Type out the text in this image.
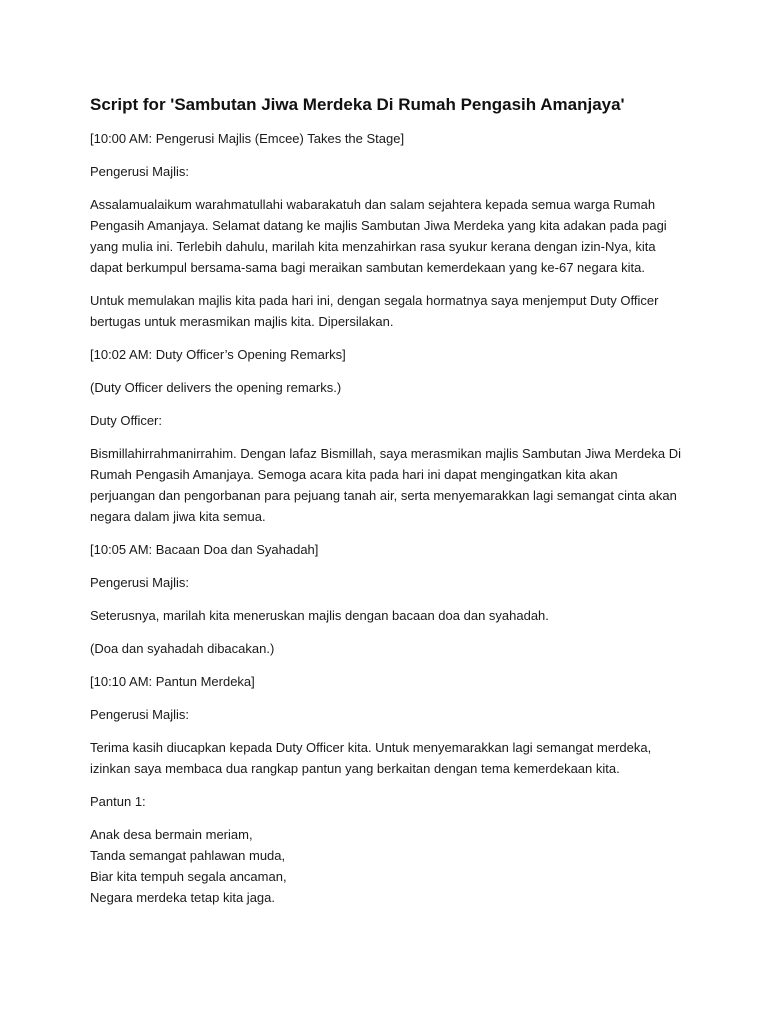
Script for 'Sambutan Jiwa Merdeka Di Rumah Pengasih Amanjaya'

[10:00 AM: Pengerusi Majlis (Emcee) Takes the Stage]

Pengerusi Majlis:

Assalamualaikum warahmatullahi wabarakatuh dan salam sejahtera kepada semua warga Rumah Pengasih Amanjaya. Selamat datang ke majlis Sambutan Jiwa Merdeka yang kita adakan pada pagi yang mulia ini. Terlebih dahulu, marilah kita menzahirkan rasa syukur kerana dengan izin-Nya, kita dapat berkumpul bersama-sama bagi meraikan sambutan kemerdekaan yang ke-67 negara kita.

Untuk memulakan majlis kita pada hari ini, dengan segala hormatnya saya menjemput Duty Officer bertugas untuk merasmikan majlis kita. Dipersilakan.

[10:02 AM: Duty Officer’s Opening Remarks]

(Duty Officer delivers the opening remarks.)

Duty Officer:

Bismillahirrahmanirrahim. Dengan lafaz Bismillah, saya merasmikan majlis Sambutan Jiwa Merdeka Di Rumah Pengasih Amanjaya. Semoga acara kita pada hari ini dapat mengingatkan kita akan perjuangan dan pengorbanan para pejuang tanah air, serta menyemarakkan lagi semangat cinta akan negara dalam jiwa kita semua.

[10:05 AM: Bacaan Doa dan Syahadah]

Pengerusi Majlis:

Seterusnya, marilah kita meneruskan majlis dengan bacaan doa dan syahadah.

(Doa dan syahadah dibacakan.)

[10:10 AM: Pantun Merdeka]

Pengerusi Majlis:

Terima kasih diucapkan kepada Duty Officer kita. Untuk menyemarakkan lagi semangat merdeka, izinkan saya membaca dua rangkap pantun yang berkaitan dengan tema kemerdekaan kita.

Pantun 1:

Anak desa bermain meriam,
Tanda semangat pahlawan muda,
Biar kita tempuh segala ancaman,
Negara merdeka tetap kita jaga.
